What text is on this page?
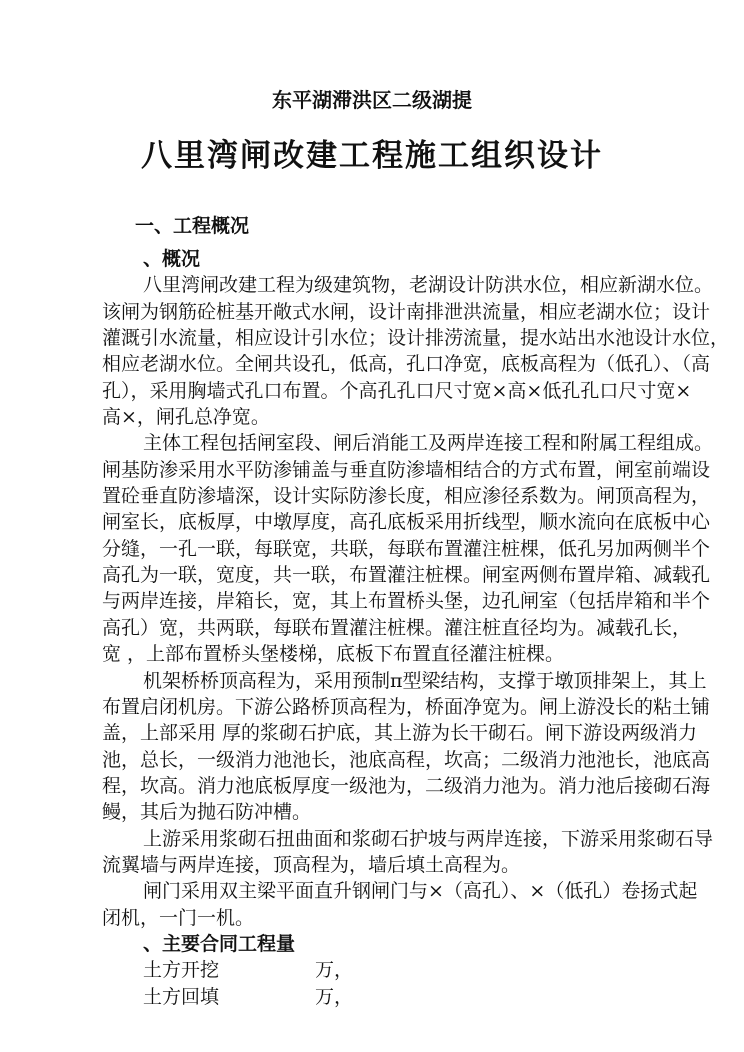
东平湖滞洪区二级湖提
八里湾闸改建工程施工组织设计
一、工程概况
、概况
八里湾闸改建工程为级建筑物，老湖设计防洪水位，相应新湖水位。
该闸为钢筋砼桩基开敞式水闸，设计南排泄洪流量，相应老湖水位；设计
灌溉引水流量，相应设计引水位；设计排涝流量，提水站出水池设计水位，
相应老湖水位。全闸共设孔，低高，孔口净宽，底板高程为（低孔）、（高
孔），采用胸墙式孔口布置。个高孔孔口尺寸宽×高×低孔孔口尺寸宽×
高×，闸孔总净宽。
主体工程包括闸室段、闸后消能工及两岸连接工程和附属工程组成。
闸基防渗采用水平防渗铺盖与垂直防渗墙相结合的方式布置，闸室前端设
置砼垂直防渗墙深，设计实际防渗长度，相应渗径系数为。闸顶高程为，
闸室长，底板厚，中墩厚度，高孔底板采用折线型，顺水流向在底板中心
分缝，一孔一联，每联宽，共联，每联布置灌注桩棵，低孔另加两侧半个
高孔为一联，宽度，共一联，布置灌注桩棵。闸室两侧布置岸箱、减载孔
与两岸连接，岸箱长，宽，其上布置桥头堡，边孔闸室（包括岸箱和半个
高孔）宽，共两联，每联布置灌注桩棵。灌注桩直径均为。减载孔长，
宽 ，上部布置桥头堡楼梯，底板下布置直径灌注桩棵。
机架桥桥顶高程为，采用预制π型梁结构，支撑于墩顶排架上，其上
布置启闭机房。下游公路桥顶高程为，桥面净宽为。闸上游没长的粘土铺
盖，上部采用 厚的浆砌石护底，其上游为长干砌石。闸下游设两级消力
池，总长，一级消力池池长，池底高程，坎高；二级消力池池长，池底高
程，坎高。消力池底板厚度一级池为，二级消力池为。消力池后接砌石海
鳗，其后为抛石防冲槽。
上游采用浆砌石扭曲面和浆砌石护坡与两岸连接，下游采用浆砌石导
流翼墙与两岸连接，顶高程为，墙后填土高程为。
闸门采用双主梁平面直升钢闸门与×（高孔）、×（低孔）卷扬式起
闭机，一门一机。
、主要合同工程量
土方开挖	万，
土方回填	万，
